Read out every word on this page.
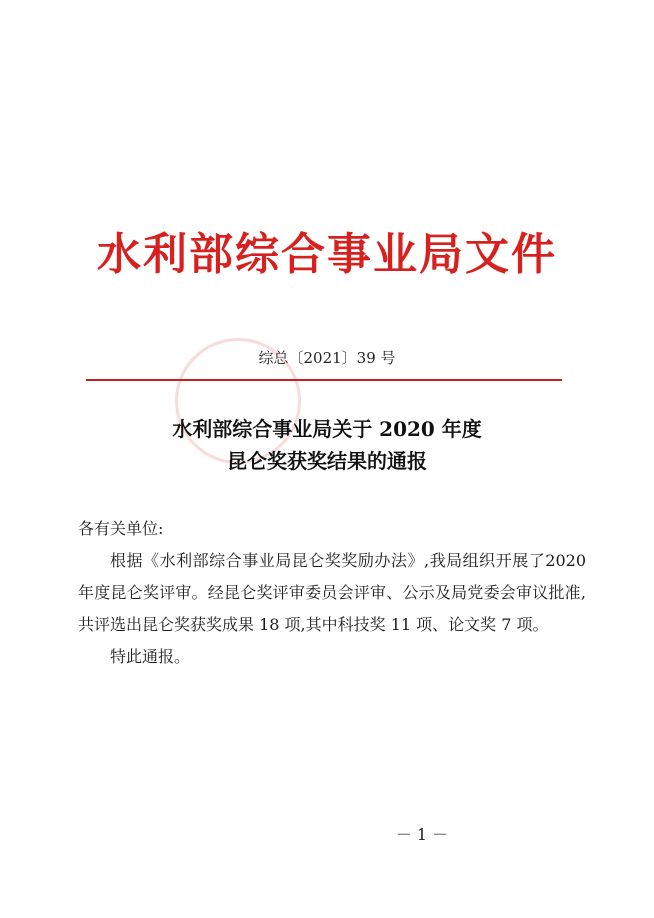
水利部综合事业局文件
综总〔2021〕39 号
水利部综合事业局关于 2020 年度
昆仑奖获奖结果的通报

各有关单位:

根据《水利部综合事业局昆仑奖奖励办法》,我局组织开展了2020 年度昆仑奖评审。经昆仑奖评审委员会评审、公示及局党委会审议批准,共评选出昆仑奖获奖成果 18 项,其中科技奖 11 项、论文奖 7 项。

特此通报。

－ 1 －
